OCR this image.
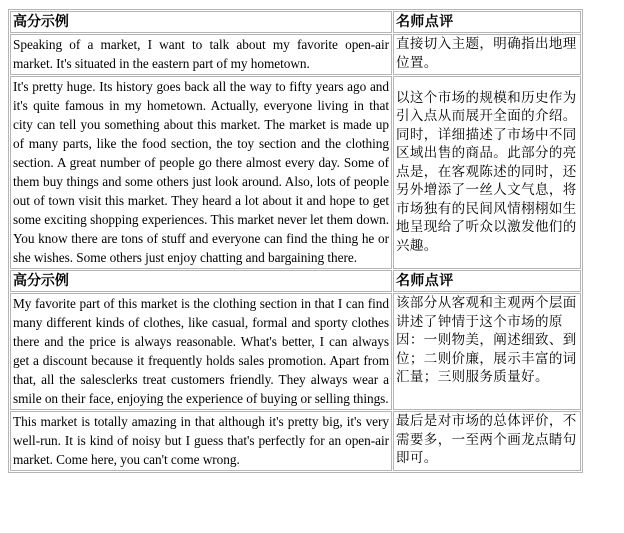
高分示例	名师点评
Speaking of a market, I want to talk about my favorite open-air market. It's situated in the eastern part of my hometown.	直接切入主题，明确指出地理位置。
It's pretty huge. Its history goes back all the way to fifty years ago and it's quite famous in my hometown. Actually, everyone living in that city can tell you something about this market. The market is made up of many parts, like the food section, the toy section and the clothing section. A great number of people go there almost every day. Some of them buy things and some others just look around. Also, lots of people out of town visit this market. They heard a lot about it and hope to get some exciting shopping experiences. This market never let them down. You know there are tons of stuff and everyone can find the thing he or she wishes. Some others just enjoy chatting and bargaining there.	以这个市场的规模和历史作为引入点从而展开全面的介绍。同时，详细描述了市场中不同区域出售的商品。此部分的亮点是，在客观陈述的同时，还另外增添了一丝人文气息，将市场独有的民间风情栩栩如生地呈现给了听众以激发他们的兴趣。
高分示例	名师点评
My favorite part of this market is the clothing section in that I can find many different kinds of clothes, like casual, formal and sporty clothes there and the price is always reasonable. What's better, I can always get a discount because it frequently holds sales promotion. Apart from that, all the salesclerks treat customers friendly. They always wear a smile on their face, enjoying the experience of buying or selling things.	该部分从客观和主观两个层面讲述了钟情于这个市场的原因：一则物美，阐述细致、到位；二则价廉，展示丰富的词汇量；三则服务质量好。
This market is totally amazing in that although it's pretty big, it's very well-run. It is kind of noisy but I guess that's perfectly for an open-air market. Come here, you can't come wrong.	最后是对市场的总体评价，不需要多，一至两个画龙点睛句即可。
